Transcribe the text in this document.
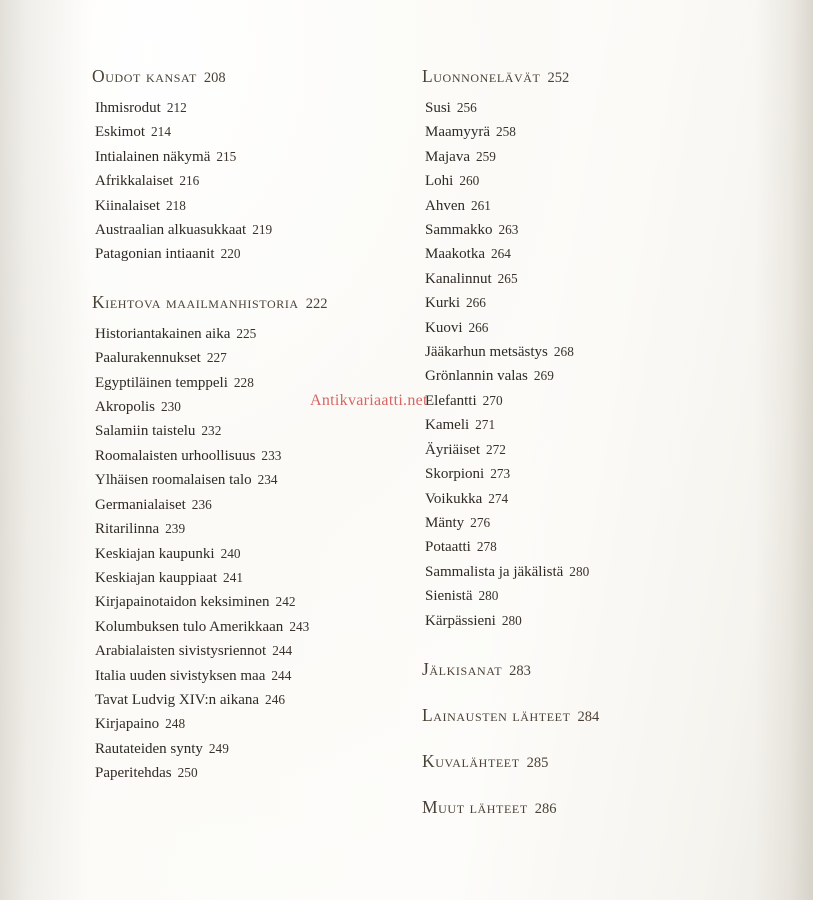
Oudot kansat 208
Ihmisrodut 212
Eskimot 214
Intialainen näkymä 215
Afrikkalaiset 216
Kiinalaiset 218
Austraalian alkuasukkaat 219
Patagonian intiaanit 220
Kiehtova maailmanhistoria 222
Historiantakainen aika 225
Paalurakennukset 227
Egyptiläinen temppeli 228
Akropolis 230
Salamiin taistelu 232
Roomalaisten urhoollisuus 233
Ylhäisen roomalaisen talo 234
Germanialaiset 236
Ritarilinna 239
Keskiajan kaupunki 240
Keskiajan kauppiaat 241
Kirjapainotaidon keksiminen 242
Kolumbuksen tulo Amerikkaan 243
Arabialaisten sivistysriennot 244
Italia uuden sivistyksen maa 244
Tavat Ludvig XIV:n aikana 246
Kirjapaino 248
Rautateiden synty 249
Paperitehdas 250
Luonnonelävät 252
Susi 256
Maamyyrä 258
Majava 259
Lohi 260
Ahven 261
Sammakko 263
Maakotka 264
Kanalinnut 265
Kurki 266
Kuovi 266
Jääkarhun metsästys 268
Grönlannin valas 269
Elefantti 270
Kameli 271
Äyriäiset 272
Skorpioni 273
Voikukka 274
Mänty 276
Potaatti 278
Sammalista ja jäkälistä 280
Sienistä 280
Kärpässieni 280
Jälkisanat 283
Lainausten lähteet 284
Kuvalähteet 285
Muut lähteet 286
Antikvariaatti.net
